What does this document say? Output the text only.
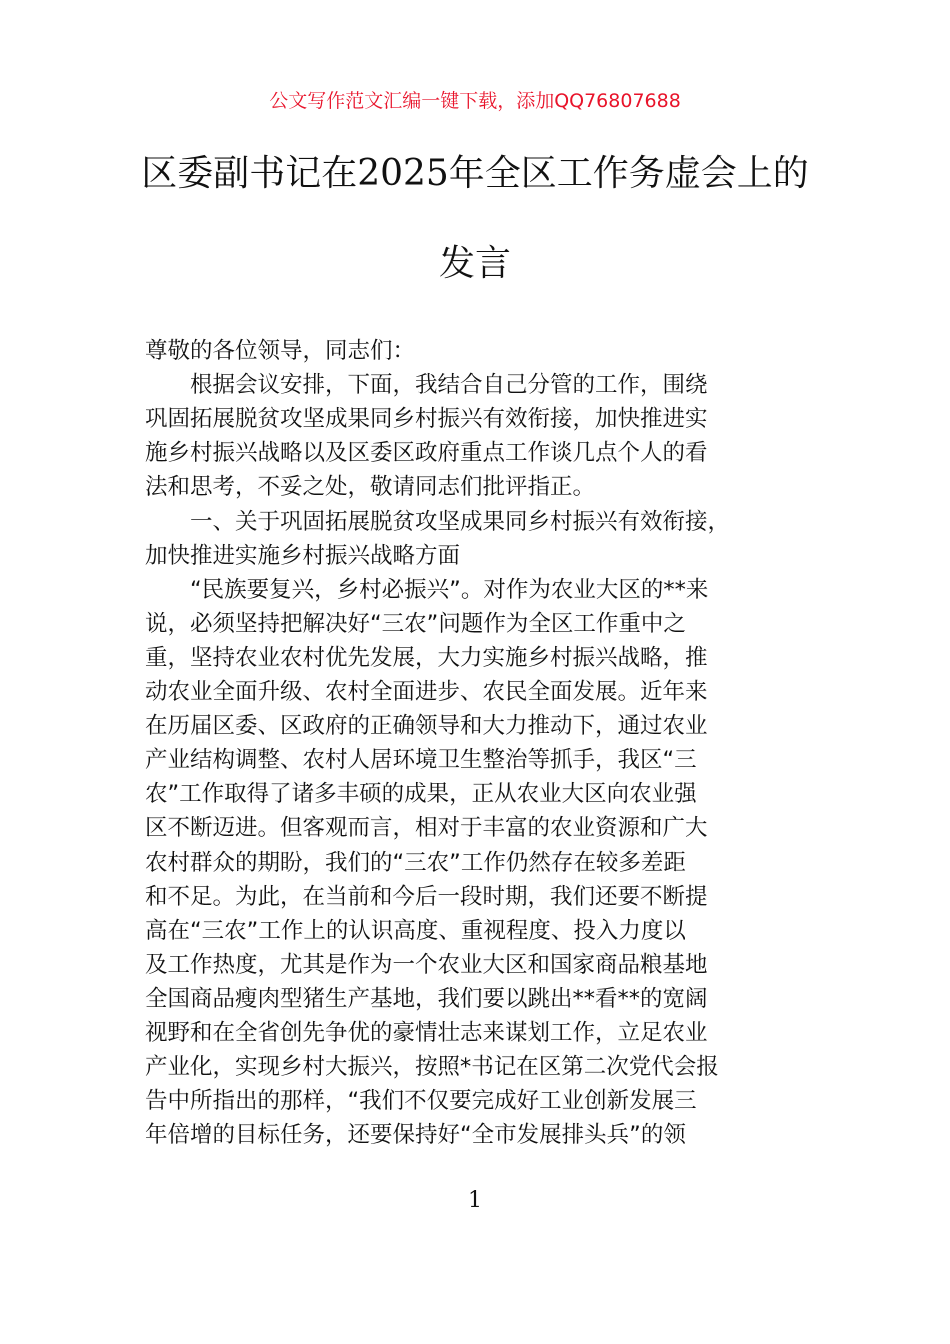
公文写作范文汇编一键下载，添加QQ76807688
区委副书记在2025年全区工作务虚会上的
发言
尊敬的各位领导，同志们：
　　根据会议安排，下面，我结合自己分管的工作，围绕
巩固拓展脱贫攻坚成果同乡村振兴有效衔接，加快推进实
施乡村振兴战略以及区委区政府重点工作谈几点个人的看
法和思考，不妥之处，敬请同志们批评指正。
　　一、关于巩固拓展脱贫攻坚成果同乡村振兴有效衔接，
加快推进实施乡村振兴战略方面
　　“民族要复兴，乡村必振兴”。对作为农业大区的**来
说，必须坚持把解决好“三农”问题作为全区工作重中之
重，坚持农业农村优先发展，大力实施乡村振兴战略，推
动农业全面升级、农村全面进步、农民全面发展。近年来
在历届区委、区政府的正确领导和大力推动下，通过农业
产业结构调整、农村人居环境卫生整治等抓手，我区“三
农”工作取得了诸多丰硕的成果，正从农业大区向农业强
区不断迈进。但客观而言，相对于丰富的农业资源和广大
农村群众的期盼，我们的“三农”工作仍然存在较多差距
和不足。为此，在当前和今后一段时期，我们还要不断提
高在“三农”工作上的认识高度、重视程度、投入力度以
及工作热度，尤其是作为一个农业大区和国家商品粮基地
全国商品瘦肉型猪生产基地，我们要以跳出**看**的宽阔
视野和在全省创先争优的豪情壮志来谋划工作，立足农业
产业化，实现乡村大振兴，按照*书记在区第二次党代会报
告中所指出的那样，“我们不仅要完成好工业创新发展三
年倍增的目标任务，还要保持好“全市发展排头兵”的领
1
